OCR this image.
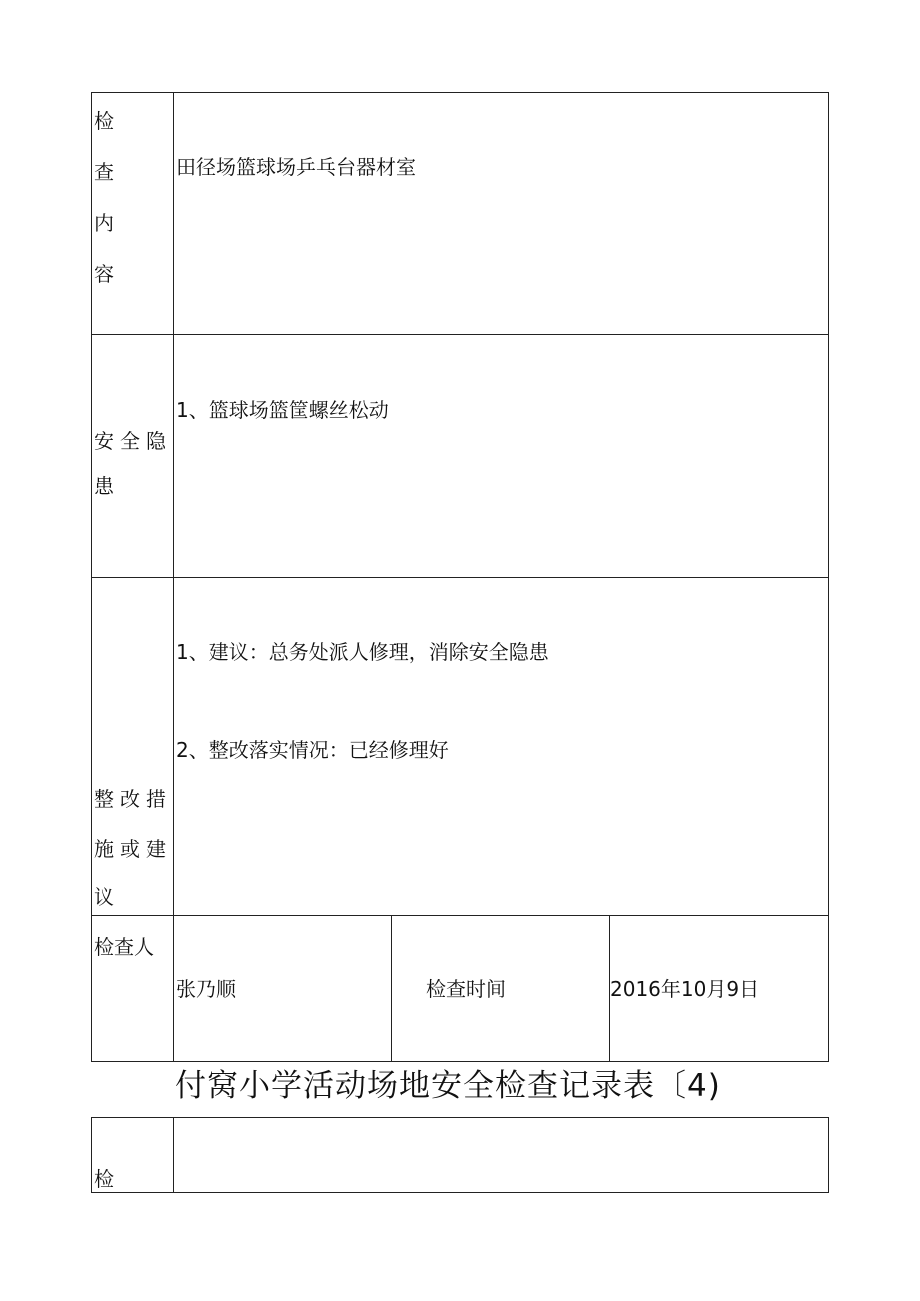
检
查
内
容
田径场篮球场乒乓台器材室
安全隐
患
1、篮球场篮筐螺丝松动
整改措
施或建
议
1、建议：总务处派人修理，消除安全隐患
2、整改落实情况：已经修理好
检查人
张乃顺	检查时间	2016年10月9日
付窝小学活动场地安全检查记录表〔4)
检
